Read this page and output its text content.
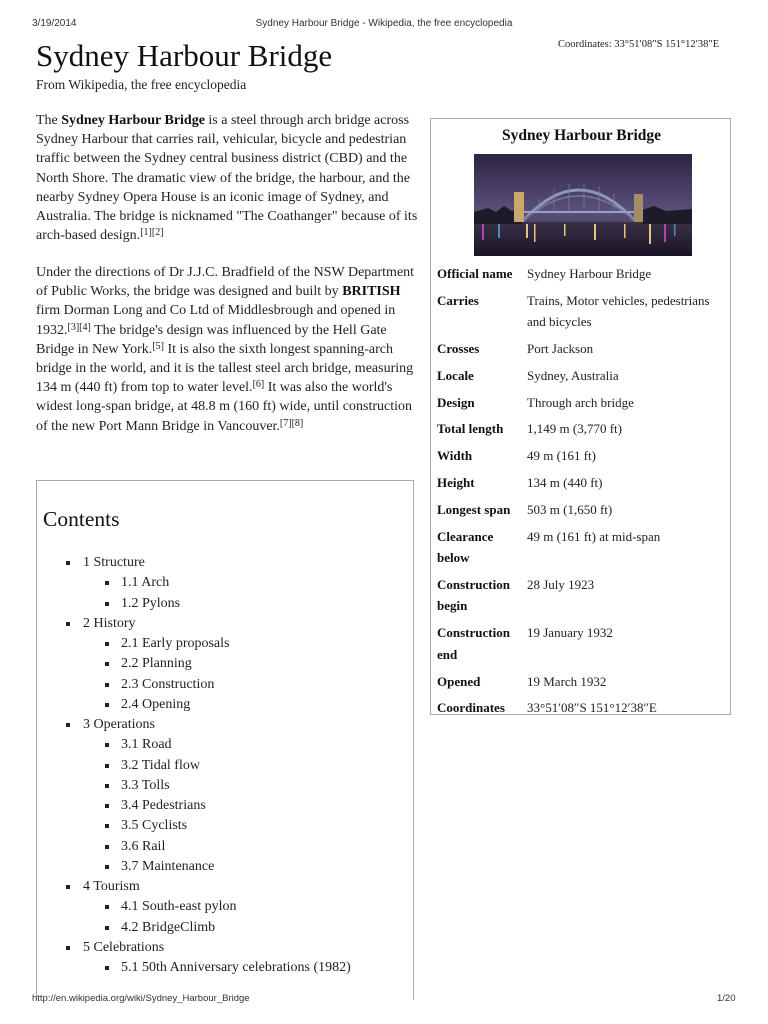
3/19/2014	Sydney Harbour Bridge - Wikipedia, the free encyclopedia
Sydney Harbour Bridge	Coordinates: 33°51′08″S 151°12′38″E
From Wikipedia, the free encyclopedia

The Sydney Harbour Bridge is a steel through arch bridge across Sydney Harbour that carries rail, vehicular, bicycle and pedestrian traffic between the Sydney central business district (CBD) and the North Shore. The dramatic view of the bridge, the harbour, and the nearby Sydney Opera House is an iconic image of Sydney, and Australia. The bridge is nicknamed "The Coathanger" because of its arch-based design.[1][2]

Under the directions of Dr J.J.C. Bradfield of the NSW Department of Public Works, the bridge was designed and built by BRITISH firm Dorman Long and Co Ltd of Middlesbrough and opened in 1932.[3][4] The bridge's design was influenced by the Hell Gate Bridge in New York.[5] It is also the sixth longest spanning-arch bridge in the world, and it is the tallest steel arch bridge, measuring 134 m (440 ft) from top to water level.[6] It was also the world's widest long-span bridge, at 48.8 m (160 ft) wide, until construction of the new Port Mann Bridge in Vancouver.[7][8]

Sydney Harbour Bridge
Official name	Sydney Harbour Bridge
Carries	Trains, Motor vehicles, pedestrians and bicycles
Crosses	Port Jackson
Locale	Sydney, Australia
Design	Through arch bridge
Total length	1,149 m (3,770 ft)
Width	49 m (161 ft)
Height	134 m (440 ft)
Longest span	503 m (1,650 ft)
Clearance below	49 m (161 ft) at mid-span
Construction begin	28 July 1923
Construction end	19 January 1932
Opened	19 March 1932
Coordinates	33°51′08″S 151°12′38″E
Contents
1 Structure
1.1 Arch
1.2 Pylons
2 History
2.1 Early proposals
2.2 Planning
2.3 Construction
2.4 Opening
3 Operations
3.1 Road
3.2 Tidal flow
3.3 Tolls
3.4 Pedestrians
3.5 Cyclists
3.6 Rail
3.7 Maintenance
4 Tourism
4.1 South-east pylon
4.2 BridgeClimb
5 Celebrations
5.1 50th Anniversary celebrations (1982)
http://en.wikipedia.org/wiki/Sydney_Harbour_Bridge	1/20
